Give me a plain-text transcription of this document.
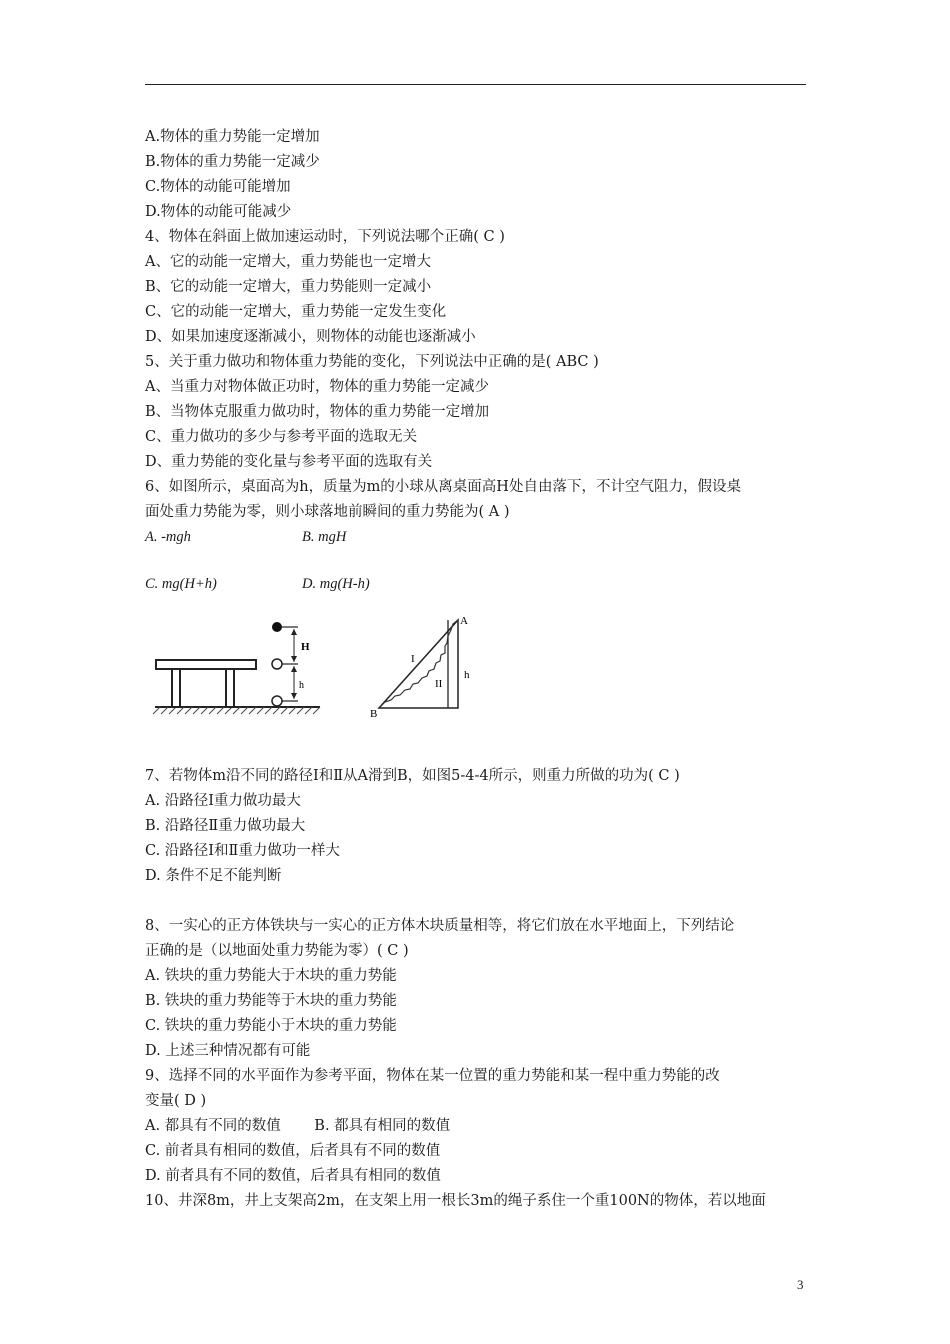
A.物体的重力势能一定增加
B.物体的重力势能一定减少
C.物体的动能可能增加
D.物体的动能可能减少
4、物体在斜面上做加速运动时，下列说法哪个正确( C )
A、它的动能一定增大，重力势能也一定增大
B、它的动能一定增大，重力势能则一定减小
C、它的动能一定增大，重力势能一定发生变化
D、如果加速度逐渐减小，则物体的动能也逐渐减小
5、关于重力做功和物体重力势能的变化，下列说法中正确的是( ABC )
A、当重力对物体做正功时，物体的重力势能一定减少
B、当物体克服重力做功时，物体的重力势能一定增加
C、重力做功的多少与参考平面的选取无关
D、重力势能的变化量与参考平面的选取有关
6、如图所示，桌面高为h，质量为m的小球从离桌面高H处自由落下，不计空气阻力，假设桌
面处重力势能为零，则小球落地前瞬间的重力势能为( A )
A. -mgh	B. mgH
C. mg(H+h)	D. mg(H-h)
H
h
A
B
I
II
h
7、若物体m沿不同的路径Ⅰ和Ⅱ从A滑到B，如图5-4-4所示，则重力所做的功为( C )
A. 沿路径Ⅰ重力做功最大
B. 沿路径Ⅱ重力做功最大
C. 沿路径Ⅰ和Ⅱ重力做功一样大
D. 条件不足不能判断
8、一实心的正方体铁块与一实心的正方体木块质量相等，将它们放在水平地面上，下列结论
正确的是（以地面处重力势能为零）( C )
A. 铁块的重力势能大于木块的重力势能
B. 铁块的重力势能等于木块的重力势能
C. 铁块的重力势能小于木块的重力势能
D. 上述三种情况都有可能
9、选择不同的水平面作为参考平面，物体在某一位置的重力势能和某一程中重力势能的改
变量( D )
A. 都具有不同的数值　　 B. 都具有相同的数值
C. 前者具有相同的数值，后者具有不同的数值
D. 前者具有不同的数值，后者具有相同的数值
10、井深8m，井上支架高2m，在支架上用一根长3m的绳子系住一个重100N的物体，若以地面
3
